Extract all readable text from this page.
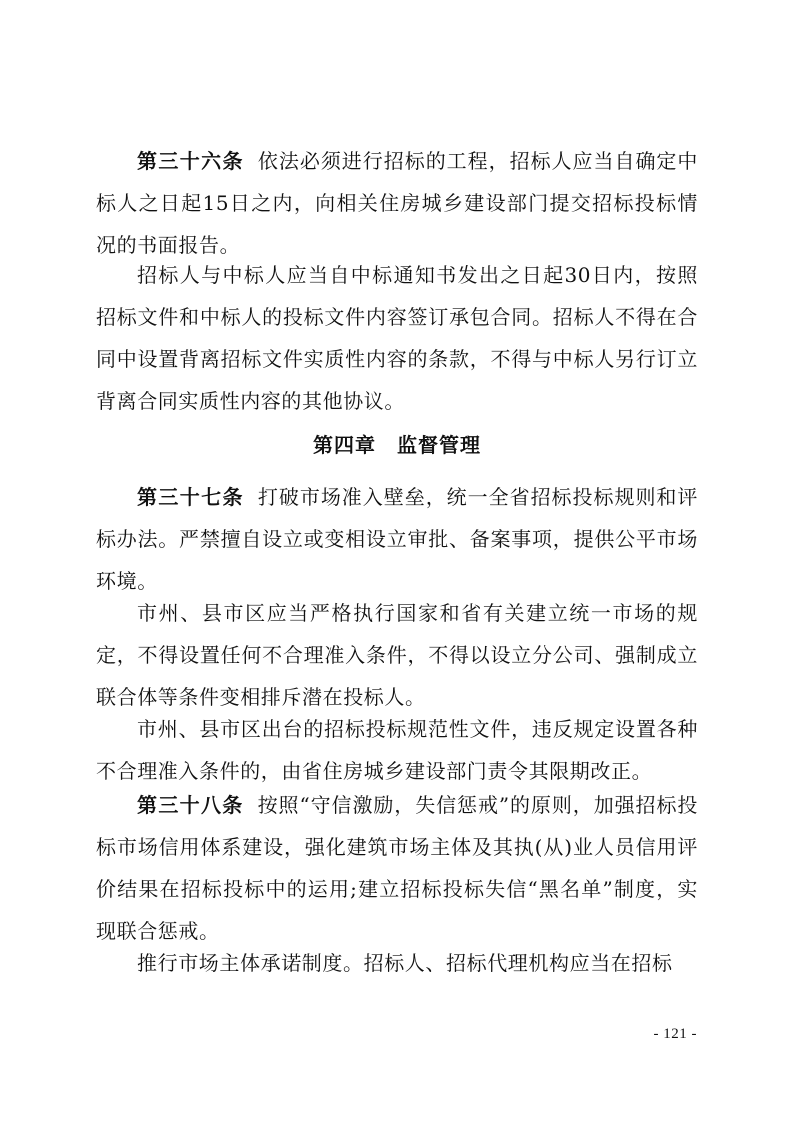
第三十六条 依法必须进行招标的工程，招标人应当自确定中标人之日起15日之内，向相关住房城乡建设部门提交招标投标情况的书面报告。

招标人与中标人应当自中标通知书发出之日起30日内，按照招标文件和中标人的投标文件内容签订承包合同。招标人不得在合同中设置背离招标文件实质性内容的条款，不得与中标人另行订立背离合同实质性内容的其他协议。

第四章　监督管理

第三十七条 打破市场准入壁垒，统一全省招标投标规则和评标办法。严禁擅自设立或变相设立审批、备案事项，提供公平市场环境。

市州、县市区应当严格执行国家和省有关建立统一市场的规定，不得设置任何不合理准入条件，不得以设立分公司、强制成立联合体等条件变相排斥潜在投标人。

市州、县市区出台的招标投标规范性文件，违反规定设置各种不合理准入条件的，由省住房城乡建设部门责令其限期改正。

第三十八条 按照“守信激励，失信惩戒”的原则，加强招标投标市场信用体系建设，强化建筑市场主体及其执(从)业人员信用评价结果在招标投标中的运用;建立招标投标失信“黑名单”制度，实现联合惩戒。

推行市场主体承诺制度。招标人、招标代理机构应当在招标

- 121 -
